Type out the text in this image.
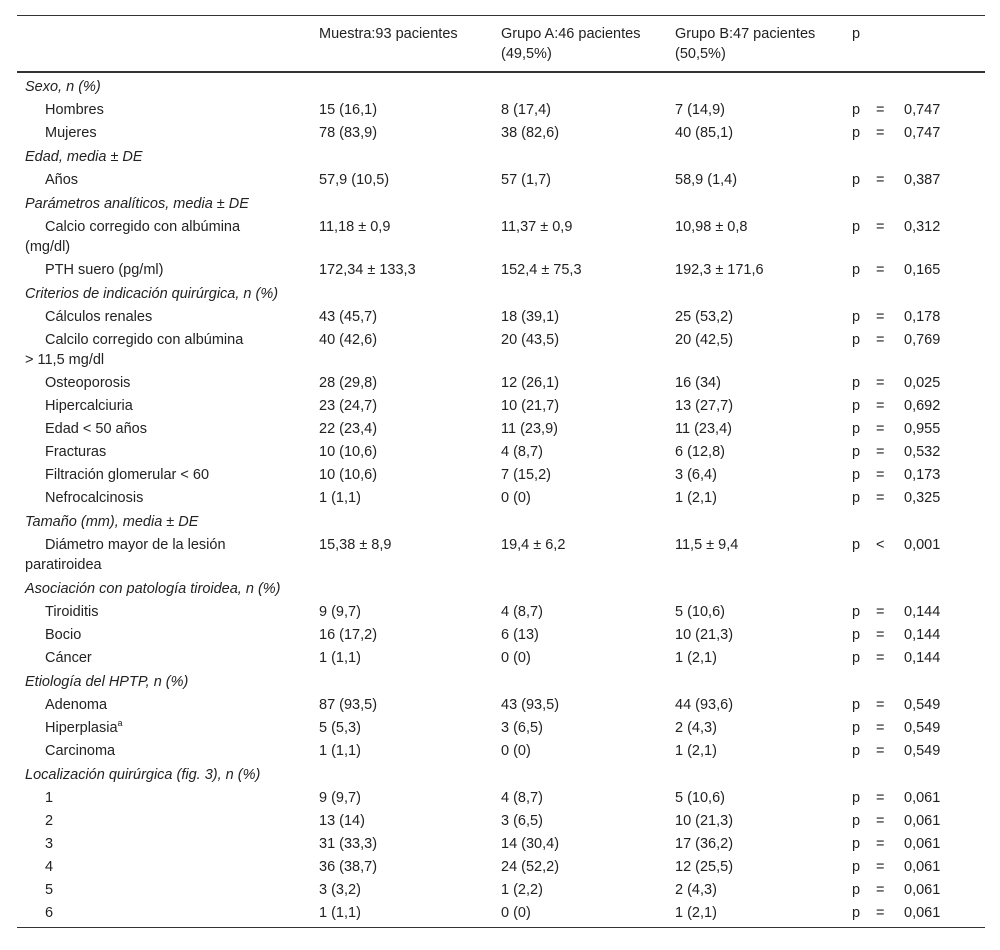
	Muestra:93 pacientes	Grupo A:46 pacientes (49,5%)	Grupo B:47 pacientes (50,5%)	p
Sexo, n (%)				
Hombres	15 (16,1)	8 (17,4)	7 (14,9)	p = 0,747
Mujeres	78 (83,9)	38 (82,6)	40 (85,1)	p = 0,747
Edad, media ± DE				
Años	57,9 (10,5)	57 (1,7)	58,9 (1,4)	p = 0,387
Parámetros analíticos, media ± DE				
Calcio corregido con albúmina
(mg/dl)	11,18 ± 0,9	11,37 ± 0,9	10,98 ± 0,8	p = 0,312
PTH suero (pg/ml)	172,34 ± 133,3	152,4 ± 75,3	192,3 ± 171,6	p = 0,165
Criterios de indicación quirúrgica, n (%)				
Cálculos renales	43 (45,7)	18 (39,1)	25 (53,2)	p = 0,178
Calcilo corregido con albúmina
> 11,5 mg/dl	40 (42,6)	20 (43,5)	20 (42,5)	p = 0,769
Osteoporosis	28 (29,8)	12 (26,1)	16 (34)	p = 0,025
Hipercalciuria	23 (24,7)	10 (21,7)	13 (27,7)	p = 0,692
Edad < 50 años	22 (23,4)	11 (23,9)	11 (23,4)	p = 0,955
Fracturas	10 (10,6)	4 (8,7)	6 (12,8)	p = 0,532
Filtración glomerular < 60	10 (10,6)	7 (15,2)	3 (6,4)	p = 0,173
Nefrocalcinosis	1 (1,1)	0 (0)	1 (2,1)	p = 0,325
Tamaño (mm), media ± DE				
Diámetro mayor de la lesión
paratiroidea	15,38 ± 8,9	19,4 ± 6,2	11,5 ± 9,4	p < 0,001
Asociación con patología tiroidea, n (%)				
Tiroiditis	9 (9,7)	4 (8,7)	5 (10,6)	p = 0,144
Bocio	16 (17,2)	6 (13)	10 (21,3)	p = 0,144
Cáncer	1 (1,1)	0 (0)	1 (2,1)	p = 0,144
Etiología del HPTP, n (%)				
Adenoma	87 (93,5)	43 (93,5)	44 (93,6)	p = 0,549
Hiperplasia$^a$	5 (5,3)	3 (6,5)	2 (4,3)	p = 0,549
Carcinoma	1 (1,1)	0 (0)	1 (2,1)	p = 0,549
Localización quirúrgica (fig. 3), n (%)				
1	9 (9,7)	4 (8,7)	5 (10,6)	p = 0,061
2	13 (14)	3 (6,5)	10 (21,3)	p = 0,061
3	31 (33,3)	14 (30,4)	17 (36,2)	p = 0,061
4	36 (38,7)	24 (52,2)	12 (25,5)	p = 0,061
5	3 (3,2)	1 (2,2)	2 (4,3)	p = 0,061
6	1 (1,1)	0 (0)	1 (2,1)	p = 0,061
